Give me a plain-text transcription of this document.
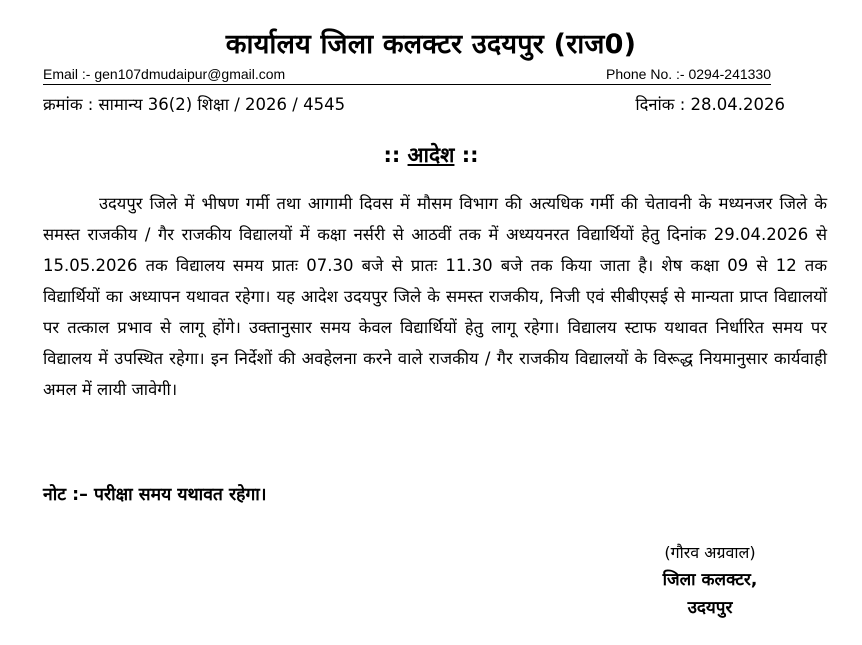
कार्यालय जिला कलक्टर उदयपुर (राज0)
Email :- gen107dmudaipur@gmail.com	Phone No. :- 0294-241330
क्रमांक : सामान्य 36(2) शिक्षा / 2026 / 4545	दिनांक : 28.04.2026
:: आदेश ::
उदयपुर जिले में भीषण गर्मी तथा आगामी दिवस में मौसम विभाग की अत्यधिक गर्मी की चेतावनी के मध्यनजर जिले के समस्त राजकीय / गैर राजकीय विद्यालयों में कक्षा नर्सरी से आठवीं तक में अध्ययनरत विद्यार्थियों हेतु दिनांक 29.04.2026 से 15.05.2026 तक विद्यालय समय प्रातः 07.30 बजे से प्रातः 11.30 बजे तक किया जाता है। शेष कक्षा 09 से 12 तक विद्यार्थियों का अध्यापन यथावत रहेगा। यह आदेश उदयपुर जिले के समस्त राजकीय, निजी एवं सीबीएसई से मान्यता प्राप्त विद्यालयों पर तत्काल प्रभाव से लागू होंगे। उक्तानुसार समय केवल विद्यार्थियों हेतु लागू रहेगा। विद्यालय स्टाफ यथावत निर्धारित समय पर विद्यालय में उपस्थित रहेगा। इन निर्देशों की अवहेलना करने वाले राजकीय / गैर राजकीय विद्यालयों के विरूद्ध नियमानुसार कार्यवाही अमल में लायी जावेगी।
नोट :– परीक्षा समय यथावत रहेगा।
(गौरव अग्रवाल)
जिला कलक्टर,
उदयपुर
